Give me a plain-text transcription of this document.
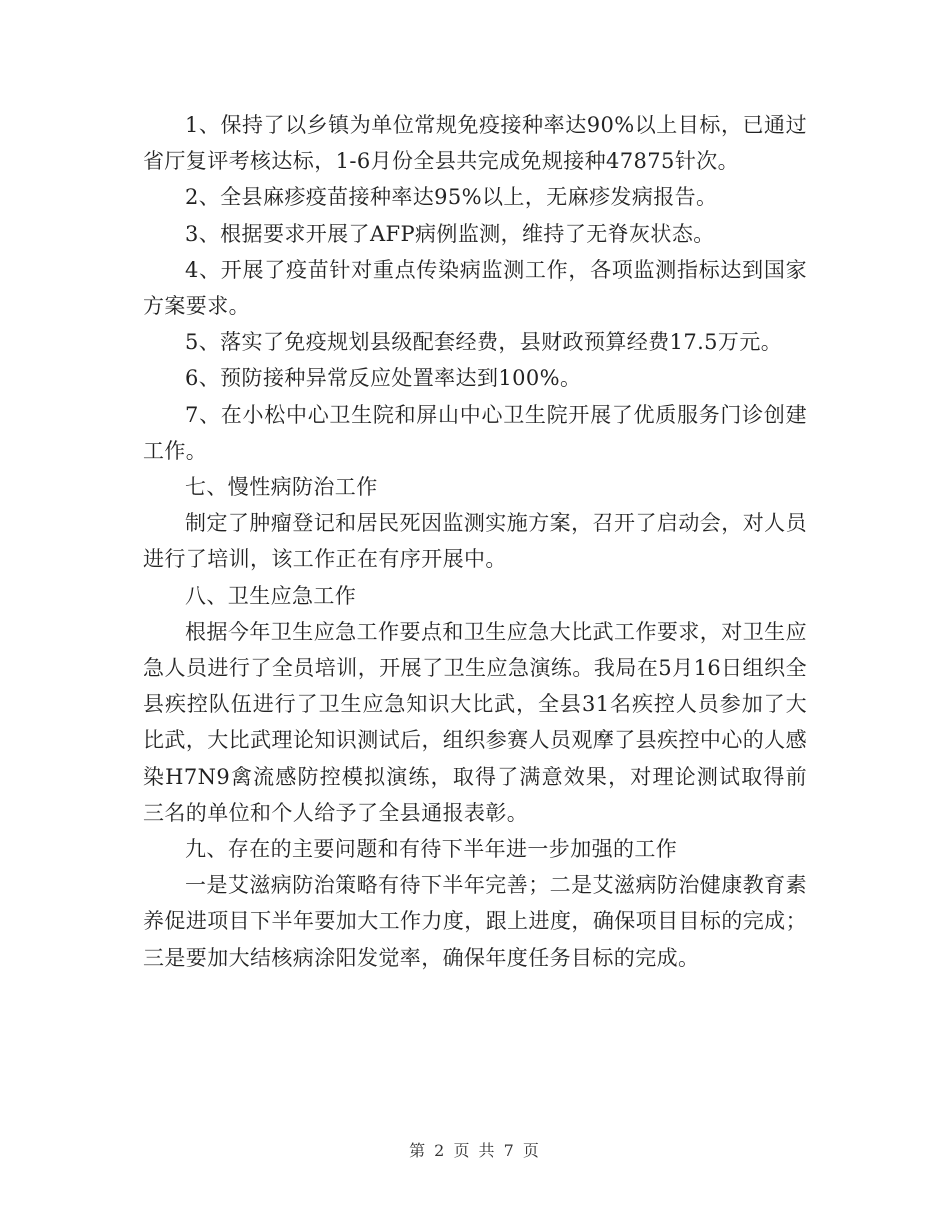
1、保持了以乡镇为单位常规免疫接种率达90%以上目标，已通过省厅复评考核达标，1-6月份全县共完成免规接种47875针次。

2、全县麻疹疫苗接种率达95%以上，无麻疹发病报告。

3、根据要求开展了AFP病例监测，维持了无脊灰状态。

4、开展了疫苗针对重点传染病监测工作，各项监测指标达到国家方案要求。

5、落实了免疫规划县级配套经费，县财政预算经费17.5万元。

6、预防接种异常反应处置率达到100%。

7、在小松中心卫生院和屏山中心卫生院开展了优质服务门诊创建工作。

七、慢性病防治工作

制定了肿瘤登记和居民死因监测实施方案，召开了启动会，对人员进行了培训，该工作正在有序开展中。

八、卫生应急工作

根据今年卫生应急工作要点和卫生应急大比武工作要求，对卫生应急人员进行了全员培训，开展了卫生应急演练。我局在5月16日组织全县疾控队伍进行了卫生应急知识大比武，全县31名疾控人员参加了大比武，大比武理论知识测试后，组织参赛人员观摩了县疾控中心的人感染H7N9禽流感防控模拟演练，取得了满意效果，对理论测试取得前三名的单位和个人给予了全县通报表彰。

九、存在的主要问题和有待下半年进一步加强的工作

一是艾滋病防治策略有待下半年完善；二是艾滋病防治健康教育素养促进项目下半年要加大工作力度，跟上进度，确保项目目标的完成；三是要加大结核病涂阳发觉率，确保年度任务目标的完成。

第 2 页 共 7 页
